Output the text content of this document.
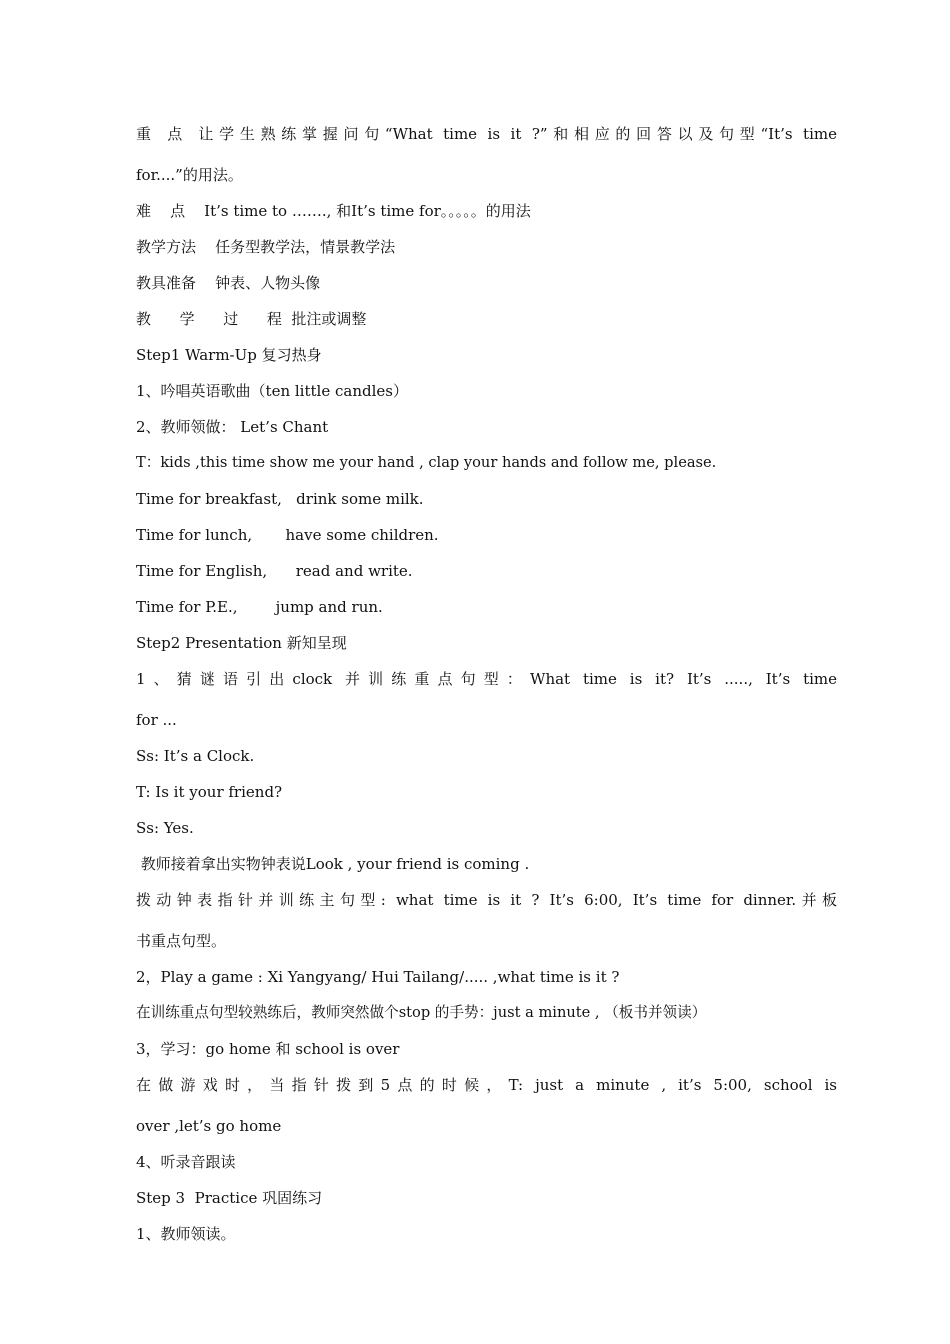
重 点 让学生熟练掌握问句“What time is it ?”和相应的回答以及句型“It’s time
for....”的用法。
难    点    It’s time to ……., 和It’s time for。。。。。的用法
教学方法    任务型教学法，情景教学法
教具准备    钟表、人物头像
教      学      过      程  批注或调整
Step1 Warm-Up 复习热身
1、吟唱英语歌曲（ten little candles）
2、教师领做： Let’s Chant
T：kids ,this time show me your hand , clap your hands and follow me, please.
Time for breakfast,   drink some milk.
Time for lunch,       have some children.
Time for English,      read and write.
Time for P.E.,        jump and run.
Step2 Presentation 新知呈现
1、猜谜语引出clock 并训练重点句型：What time is it? It’s ....., It’s time
for ...
Ss: It’s a Clock.
T: Is it your friend?
Ss: Yes.
教师接着拿出实物钟表说Look , your friend is coming .
拨动钟表指针并训练主句型: what time is it ? It’s 6:00, It’s time for dinner.并板
书重点句型。
2，Play a game : Xi Yangyang/ Hui Tailang/..... ,what time is it ?
在训练重点句型较熟练后，教师突然做个stop 的手势：just a minute , （板书并领读）
3，学习：go home 和 school is over
在做游戏时，当指针拨到5点的时候，T: just a minute , it’s 5:00, school is
over ,let’s go home
4、听录音跟读
Step 3  Practice 巩固练习
1、教师领读。
